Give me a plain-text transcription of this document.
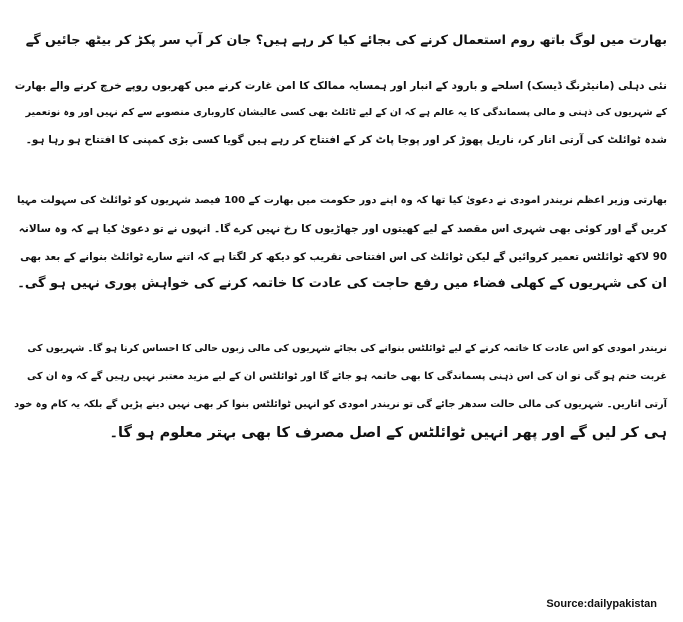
بھارت میں لوگ باتھ روم استعمال کرنے کی بجائے کیا کر رہے ہیں؟ جان کر آپ سر پکڑ کر بیٹھ جائیں گے
نئی دہلی (مانیٹرنگ ڈیسک) اسلحے و بارود کے انبار اور ہمسایہ ممالک کا امن غارت کرنے میں کھربوں روپے خرچ کرنے والے بھارت
کے شہریوں کی ذہنی و مالی پسماندگی کا یہ عالم ہے کہ ان کے لیے ٹائلٹ بھی کسی عالیشان کاروباری منصوبے سے کم نہیں اور وہ نوتعمیر
شدہ ٹوائلٹ کی آرتی اتار کر، ناریل پھوڑ کر اور پوجا پاٹ کر کے افتتاح کر رہے ہیں گویا کسی بڑی کمپنی کا افتتاح ہو رہا ہو۔
بھارتی وزیر اعظم نریندر امودی نے دعویٰ کیا تھا کہ وہ اپنے دور حکومت میں بھارت کے 100 فیصد شہریوں کو ٹوائلٹ کی سہولت مہیا
کریں گے اور کوئی بھی شہری اس مقصد کے لیے کھیتوں اور جھاڑیوں کا رخ نہیں کرے گا۔ انہوں نے تو دعویٰ کیا ہے کہ وہ سالانہ
90 لاکھ ٹوائلٹس تعمیر کروائیں گے لیکن ٹوائلٹ کی اس افتتاحی تقریب کو دیکھ کر لگتا ہے کہ اتنے سارے ٹوائلٹ بنوانے کے بعد بھی
ان کی شہریوں کے کھلی فضاء میں رفع حاجت کی عادت کا خاتمہ کرنے کی خواہش پوری نہیں ہو گی۔
نریندر امودی کو اس عادت کا خاتمہ کرنے کے لیے ٹوائلٹس بنوانے کی بجائے شہریوں کی مالی زبوں حالی کا احساس کرنا ہو گا۔ شہریوں کی
غربت ختم ہو گی تو ان کی اس ذہنی پسماندگی کا بھی خاتمہ ہو جائے گا اور ٹوائلٹس ان کے لیے مزید معتبر نہیں رہیں گے کہ وہ ان کی
آرتی اتاریں۔ شہریوں کی مالی حالت سدھر جائے گی تو نریندر امودی کو انہیں ٹوائلٹس بنوا کر بھی نہیں دینے پڑیں گے بلکہ یہ کام وہ خود
ہی کر لیں گے اور پھر انہیں ٹوائلٹس کے اصل مصرف کا بھی بہتر معلوم ہو گا۔
Source:dailypakistan
